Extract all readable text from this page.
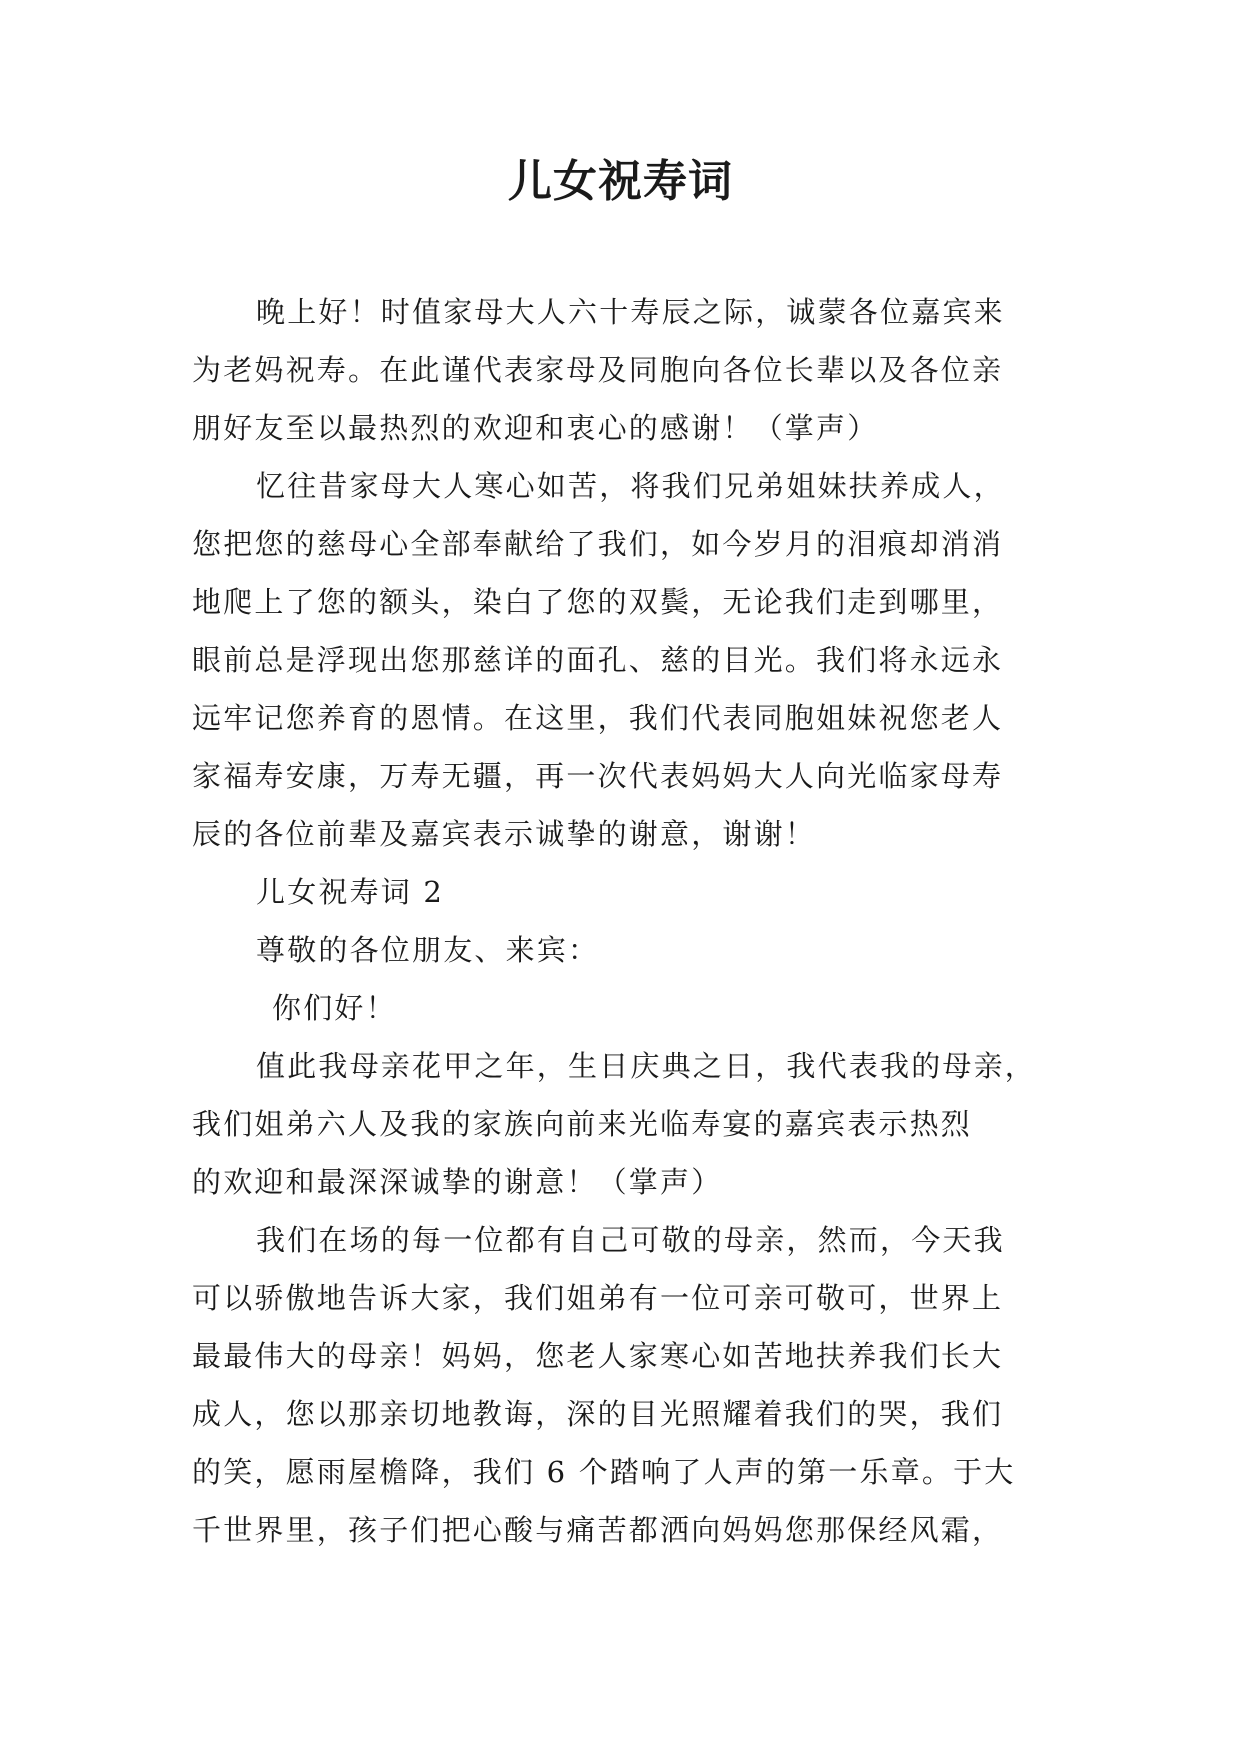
儿女祝寿词
晚上好！时值家母大人六十寿辰之际，诚蒙各位嘉宾来
为老妈祝寿。在此谨代表家母及同胞向各位长辈以及各位亲
朋好友至以最热烈的欢迎和衷心的感谢！（掌声）
忆往昔家母大人寒心如苦，将我们兄弟姐妹扶养成人，
您把您的慈母心全部奉献给了我们，如今岁月的泪痕却消消
地爬上了您的额头，染白了您的双鬓，无论我们走到哪里，
眼前总是浮现出您那慈详的面孔、慈的目光。我们将永远永
远牢记您养育的恩情。在这里，我们代表同胞姐妹祝您老人
家福寿安康，万寿无疆，再一次代表妈妈大人向光临家母寿
辰的各位前辈及嘉宾表示诚挚的谢意，谢谢！
儿女祝寿词 2
尊敬的各位朋友、来宾：
你们好！
值此我母亲花甲之年，生日庆典之日，我代表我的母亲，
我们姐弟六人及我的家族向前来光临寿宴的嘉宾表示热烈
的欢迎和最深深诚挚的谢意！（掌声）
我们在场的每一位都有自己可敬的母亲，然而，今天我
可以骄傲地告诉大家，我们姐弟有一位可亲可敬可，世界上
最最伟大的母亲！妈妈，您老人家寒心如苦地扶养我们长大
成人，您以那亲切地教诲，深的目光照耀着我们的哭，我们
的笑，愿雨屋檐降，我们 6 个踏响了人声的第一乐章。于大
千世界里，孩子们把心酸与痛苦都洒向妈妈您那保经风霜，
